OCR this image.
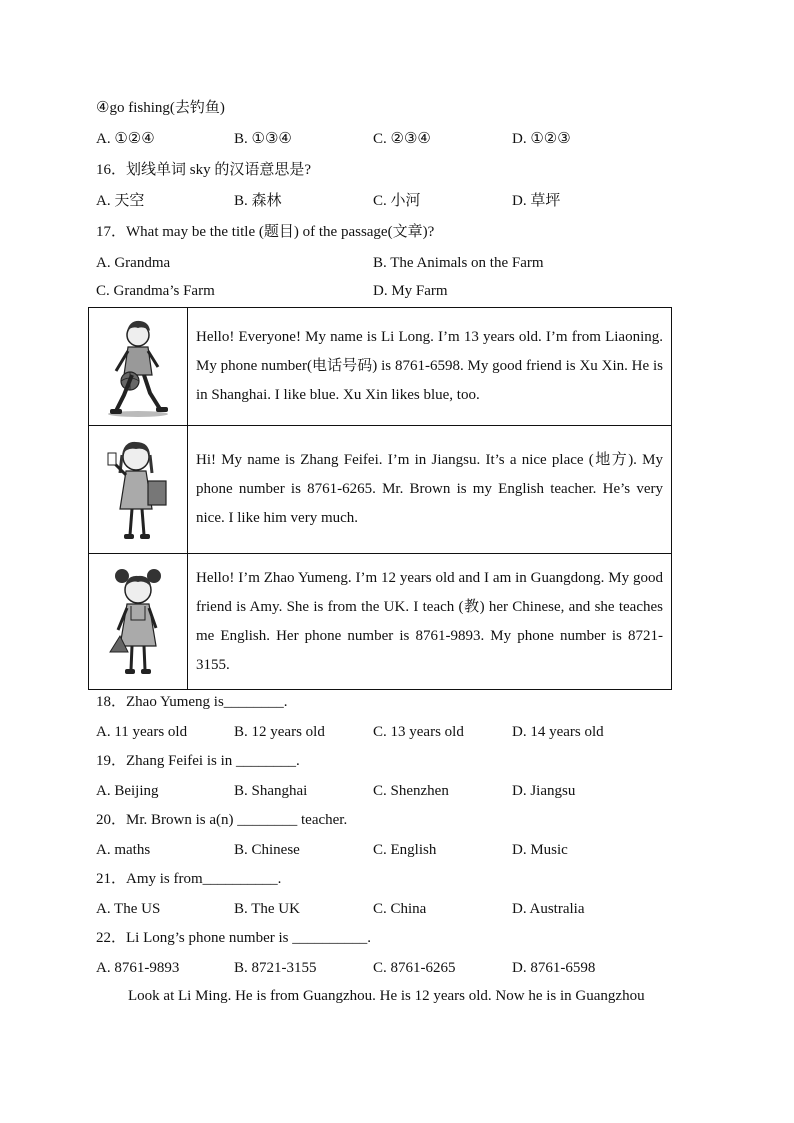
④go fishing(去钓鱼)
A. ①②④	B. ①③④	C. ②③④	D. ①②③
16．划线单词 sky 的汉语意思是?
A. 天空	B. 森林	C. 小河	D. 草坪
17．What may be the title (题目) of the passage(文章)?
A. Grandma	B. The Animals on the Farm
C. Grandma’s Farm	D. My Farm
	Hello! Everyone! My name is Li Long. I’m 13 years old. I’m from Liaoning. My phone number(电话号码) is 8761-6598. My good friend is Xu Xin. He is in Shanghai. I like blue. Xu Xin likes blue, too.

	Hi! My name is Zhang Feifei. I’m in Jiangsu. It’s a nice place (地方). My phone number is 8761-6265. Mr. Brown is my English teacher. He’s very nice. I like him very much.

	Hello! I’m Zhao Yumeng. I’m 12 years old and I am in Guangdong. My good friend is Amy. She is from the UK. I teach (教) her Chinese, and she teaches me English. Her phone number is 8761-9893. My phone number is 8721-3155.
18．Zhao Yumeng is________.
A. 11 years old	B. 12 years old	C. 13 years old	D. 14 years old
19．Zhang Feifei is in ________.
A. Beijing	B. Shanghai	C. Shenzhen	D. Jiangsu
20．Mr. Brown is a(n) ________ teacher.
A. maths	B. Chinese	C. English	D. Music
21．Amy is from__________.
A. The US	B. The UK	C. China	D. Australia
22．Li Long’s phone number is __________.
A. 8761-9893	B. 8721-3155	C. 8761-6265	D. 8761-6598
Look at Li Ming. He is from Guangzhou. He is 12 years old. Now he is in Guangzhou
